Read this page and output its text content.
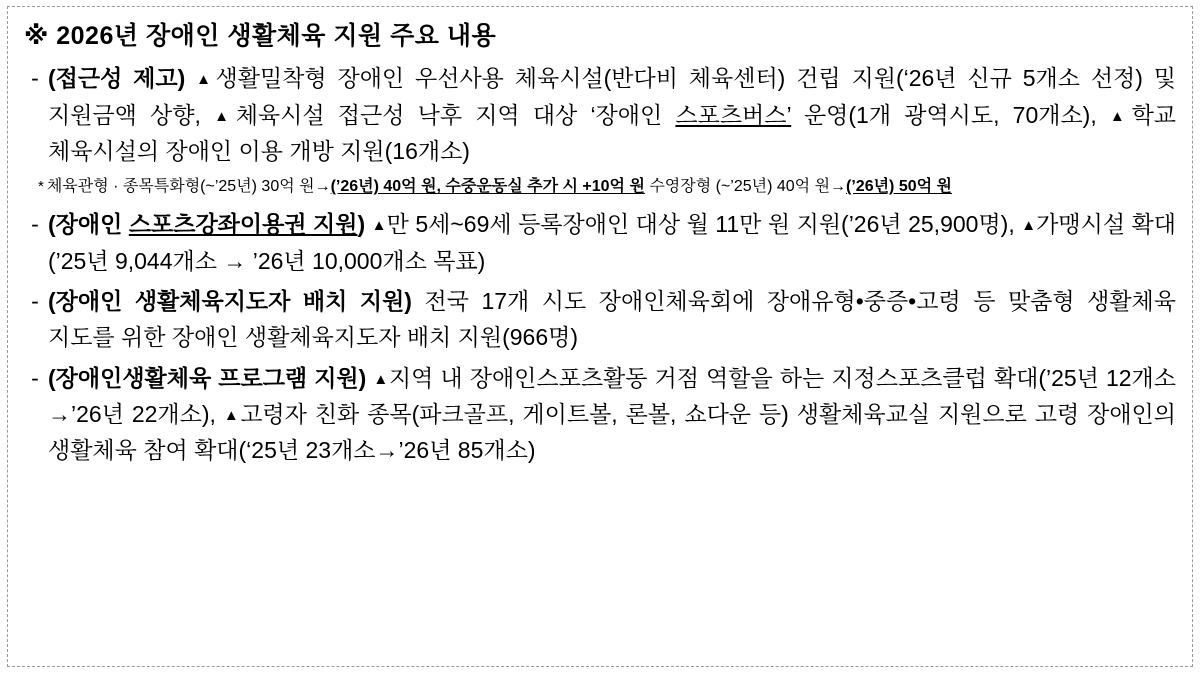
※ 2026년 장애인 생활체육 지원 주요 내용
- (접근성 제고) ▲생활밀착형 장애인 우선사용 체육시설(반다비 체육센터) 건립 지원(‘26년 신규 5개소 선정) 및 지원금액 상향, ▲체육시설 접근성 낙후 지역 대상 ‘장애인 스포츠버스’ 운영(1개 광역시도, 70개소), ▲학교 체육시설의 장애인 이용 개방 지원(16개소)
* 체육관형 · 종목특화형(~’25년) 30억 원→(’26년) 40억 원, 수중운동실 추가 시 +10억 원 수영장형 (~’25년) 40억 원→(’26년) 50억 원
- (장애인 스포츠강좌이용권 지원) ▲만 5세~69세 등록장애인 대상 월 11만 원 지원(’26년 25,900명), ▲가맹시설 확대(’25년 9,044개소 → ’26년 10,000개소 목표)
- (장애인 생활체육지도자 배치 지원) 전국 17개 시도 장애인체육회에 장애유형•중증•고령 등 맞춤형 생활체육 지도를 위한 장애인 생활체육지도자 배치 지원(966명)
- (장애인생활체육 프로그램 지원) ▲지역 내 장애인스포츠활동 거점 역할을 하는 지정스포츠클럽 확대(’25년 12개소→’26년 22개소), ▲고령자 친화 종목(파크골프, 게이트볼, 론볼, 쇼다운 등) 생활체육교실 지원으로 고령 장애인의 생활체육 참여 확대(‘25년 23개소→’26년 85개소)
